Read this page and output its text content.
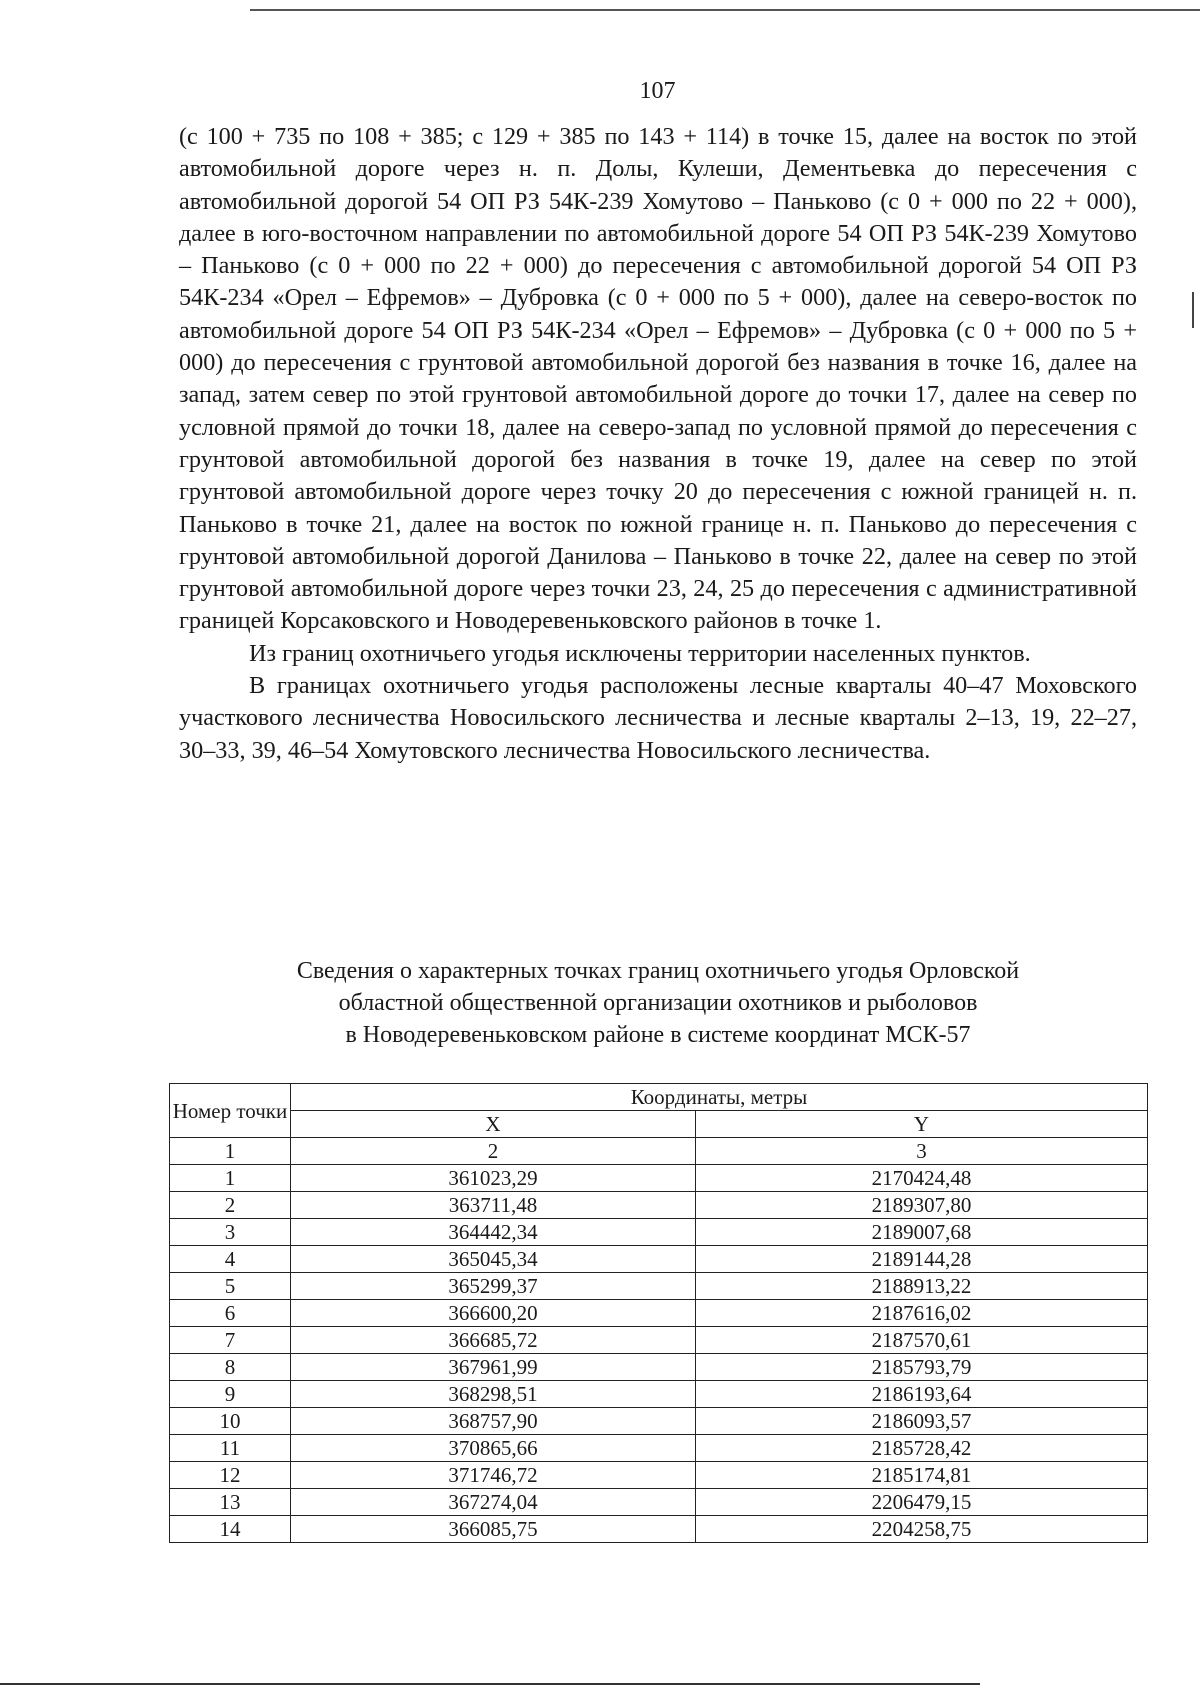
107

(с 100 + 735 по 108 + 385; с 129 + 385 по 143 + 114) в точке 15, далее на восток по этой автомобильной дороге через н. п. Долы, Кулеши, Дементьевка до пересечения с автомобильной дорогой 54 ОП РЗ 54К-239 Хомутово – Паньково (с 0 + 000 по 22 + 000), далее в юго-восточном направлении по автомобильной дороге 54 ОП РЗ 54К-239 Хомутово – Паньково (с 0 + 000 по 22 + 000) до пересечения с автомобильной дорогой 54 ОП РЗ 54К-234 «Орел – Ефремов» – Дубровка (с 0 + 000 по 5 + 000), далее на северо-восток по автомобильной дороге 54 ОП РЗ 54К-234 «Орел – Ефремов» – Дубровка (с 0 + 000 по 5 + 000) до пересечения с грунтовой автомобильной дорогой без названия в точке 16, далее на запад, затем север по этой грунтовой автомобильной дороге до точки 17, далее на север по условной прямой до точки 18, далее на северо-запад по условной прямой до пересечения с грунтовой автомобильной дорогой без названия в точке 19, далее на север по этой грунтовой автомобильной дороге через точку 20 до пересечения с южной границей н. п. Паньково в точке 21, далее на восток по южной границе н. п. Паньково до пересечения с грунтовой автомобильной дорогой Данилова – Паньково в точке 22, далее на север по этой грунтовой автомобильной дороге через точки 23, 24, 25 до пересечения с административной границей Корсаковского и Новодеревеньковского районов в точке 1.

Из границ охотничьего угодья исключены территории населенных пунктов.

В границах охотничьего угодья расположены лесные кварталы 40–47 Моховского участкового лесничества Новосильского лесничества и лесные кварталы 2–13, 19, 22–27, 30–33, 39, 46–54 Хомутовского лесничества Новосильского лесничества.

Сведения о характерных точках границ охотничьего угодья Орловской
областной общественной организации охотников и рыболовов
в Новодеревеньковском районе в системе координат МСК-57
Номер точки	Координаты, метры	
	X	Y
1	2	3
1	361023,29	2170424,48
2	363711,48	2189307,80
3	364442,34	2189007,68
4	365045,34	2189144,28
5	365299,37	2188913,22
6	366600,20	2187616,02
7	366685,72	2187570,61
8	367961,99	2185793,79
9	368298,51	2186193,64
10	368757,90	2186093,57
11	370865,66	2185728,42
12	371746,72	2185174,81
13	367274,04	2206479,15
14	366085,75	2204258,75
